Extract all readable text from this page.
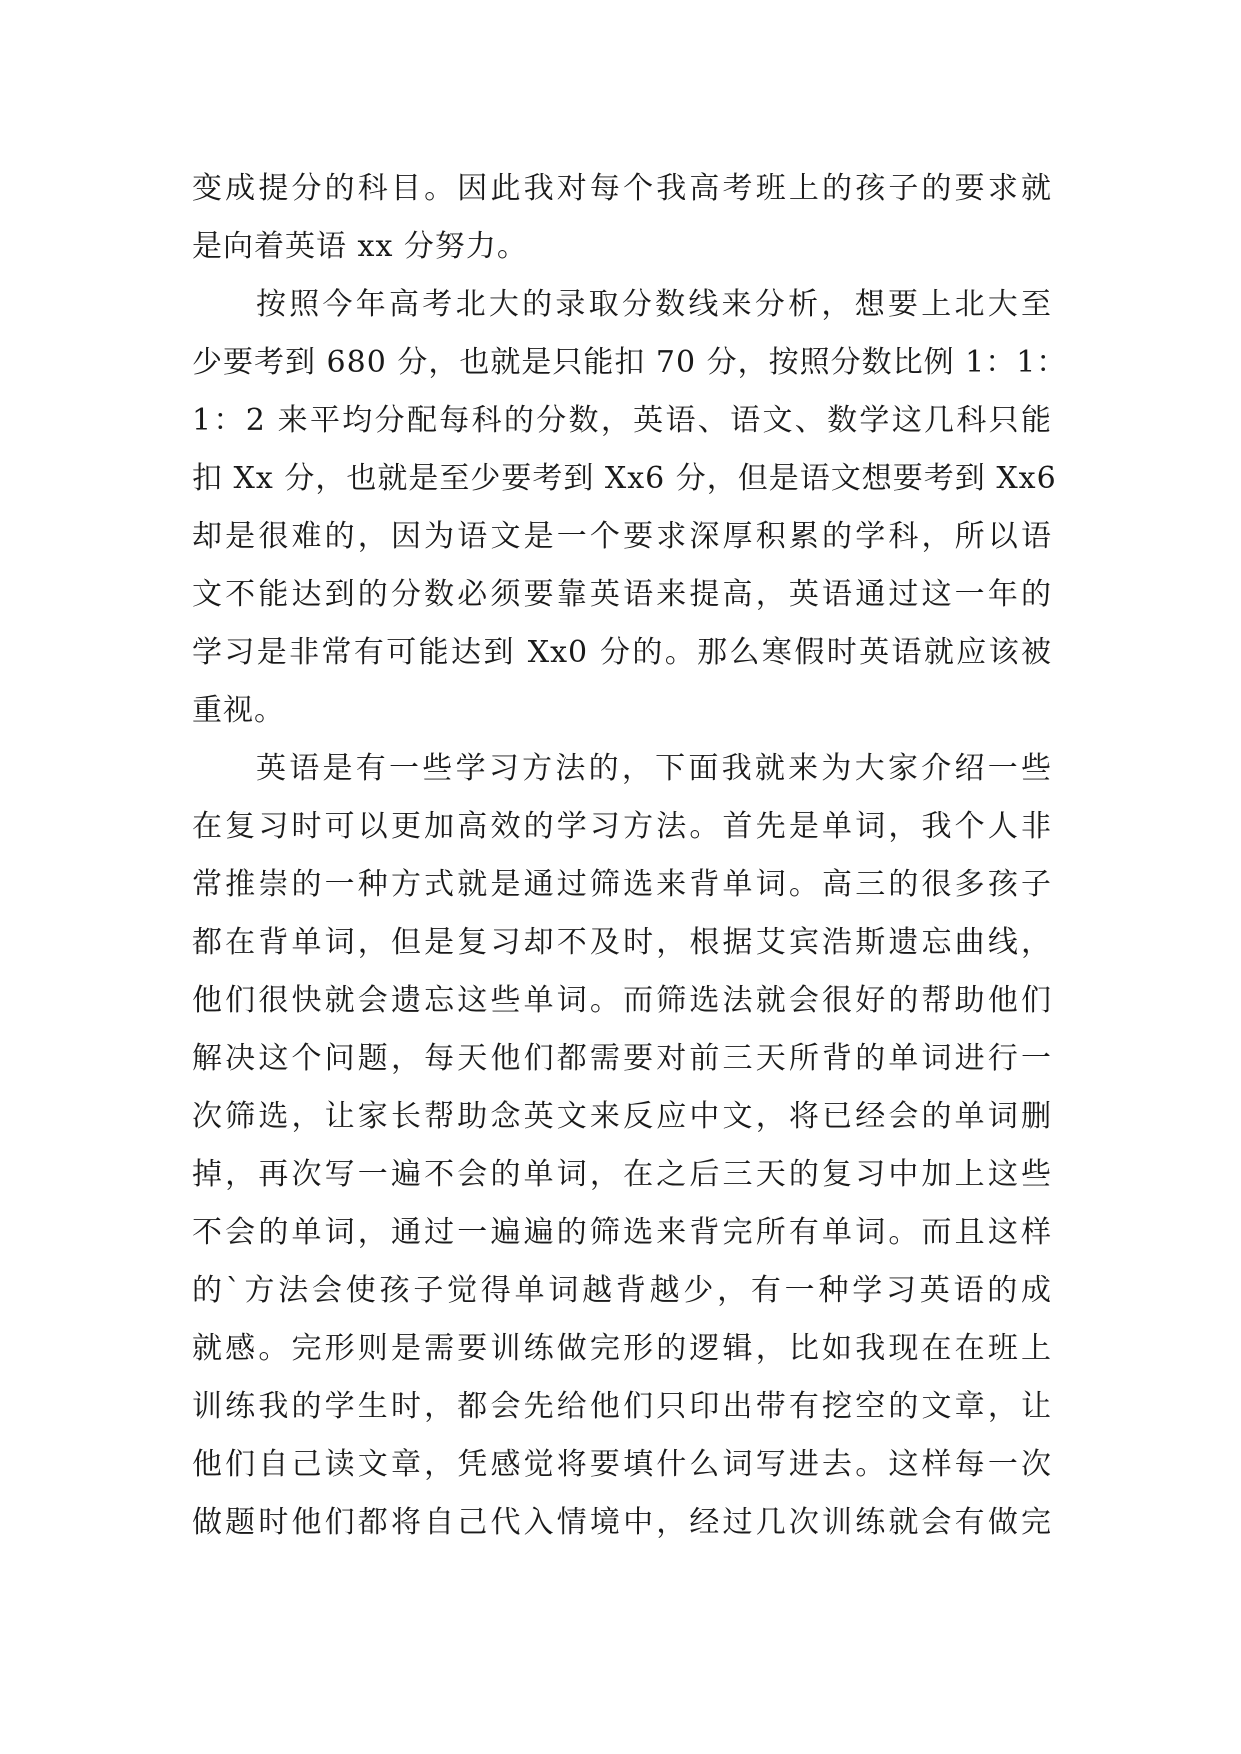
变成提分的科目。因此我对每个我高考班上的孩子的要求就
是向着英语 xx 分努力。
按照今年高考北大的录取分数线来分析，想要上北大至
少要考到 680 分，也就是只能扣 70 分，按照分数比例 1：1：
1：2 来平均分配每科的分数，英语、语文、数学这几科只能
扣 Xx 分，也就是至少要考到 Xx6 分，但是语文想要考到 Xx6
却是很难的，因为语文是一个要求深厚积累的学科，所以语
文不能达到的分数必须要靠英语来提高，英语通过这一年的
学习是非常有可能达到 Xx0 分的。那么寒假时英语就应该被
重视。
英语是有一些学习方法的，下面我就来为大家介绍一些
在复习时可以更加高效的学习方法。首先是单词，我个人非
常推崇的一种方式就是通过筛选来背单词。高三的很多孩子
都在背单词，但是复习却不及时，根据艾宾浩斯遗忘曲线，
他们很快就会遗忘这些单词。而筛选法就会很好的帮助他们
解决这个问题，每天他们都需要对前三天所背的单词进行一
次筛选，让家长帮助念英文来反应中文，将已经会的单词删
掉，再次写一遍不会的单词，在之后三天的复习中加上这些
不会的单词，通过一遍遍的筛选来背完所有单词。而且这样
的`方法会使孩子觉得单词越背越少，有一种学习英语的成
就感。完形则是需要训练做完形的逻辑，比如我现在在班上
训练我的学生时，都会先给他们只印出带有挖空的文章，让
他们自己读文章，凭感觉将要填什么词写进去。这样每一次
做题时他们都将自己代入情境中，经过几次训练就会有做完
